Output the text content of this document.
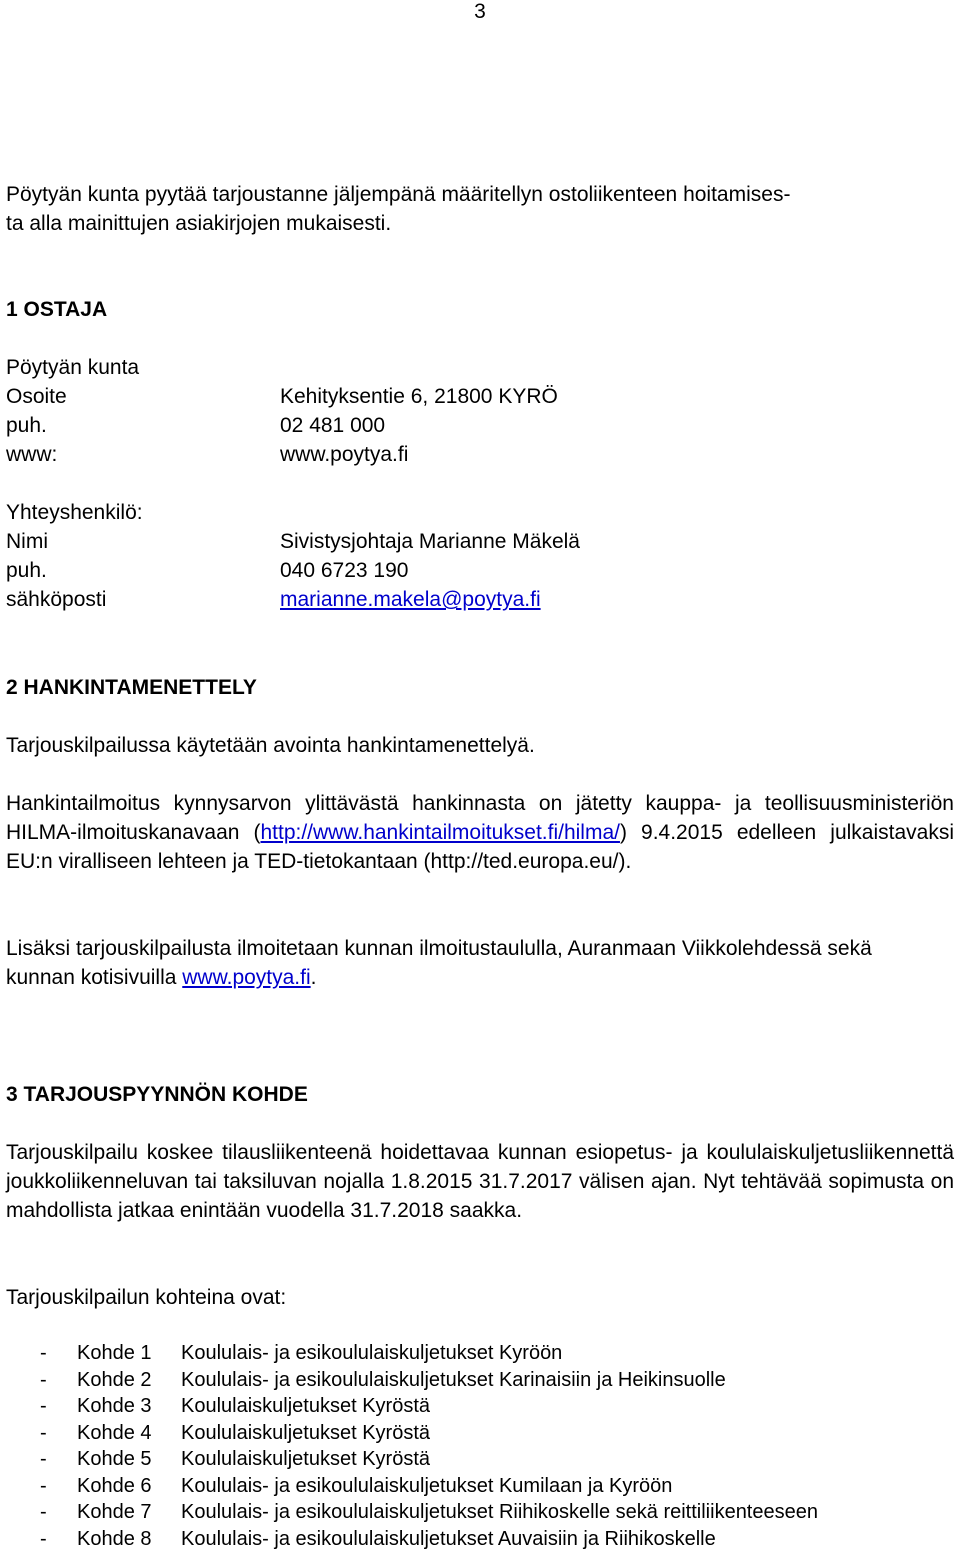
3
Pöytyän kunta pyytää tarjoustanne jäljempänä määritellyn ostoliikenteen hoitamises-
ta alla mainittujen asiakirjojen mukaisesti.
1 OSTAJA
Pöytyän kunta
Osoite	Kehityksentie 6, 21800 KYRÖ
puh.	02 481 000
www:	www.poytya.fi
Yhteyshenkilö:
Nimi	Sivistysjohtaja Marianne Mäkelä
puh.	040 6723 190
sähköposti	marianne.makela@poytya.fi
2 HANKINTAMENETTELY
Tarjouskilpailussa käytetään avointa hankintamenettelyä.
Hankintailmoitus kynnysarvon ylittävästä hankinnasta on jätetty kauppa- ja teollisuusministeriön HILMA-ilmoituskanavaan (http://www.hankintailmoitukset.fi/hilma/) 9.4.2015 edelleen julkaistavaksi EU:n viralliseen lehteen ja TED-tietokantaan (http://ted.europa.eu/).
Lisäksi tarjouskilpailusta ilmoitetaan kunnan ilmoitustaululla, Auranmaan Viikkolehdessä sekä kunnan kotisivuilla www.poytya.fi.
3 TARJOUSPYYNNÖN KOHDE
Tarjouskilpailu koskee tilausliikenteenä hoidettavaa kunnan esiopetus- ja koululaiskuljetusliikennettä joukkoliikenneluvan tai taksiluvan nojalla 1.8.2015 31.7.2017 välisen ajan. Nyt tehtävää sopimusta on mahdollista jatkaa enintään vuodella 31.7.2018 saakka.
Tarjouskilpailun kohteina ovat:
-	Kohde 1	Koululais- ja esikoululaiskuljetukset Kyröön
-	Kohde 2	Koululais- ja esikoululaiskuljetukset Karinaisiin ja Heikinsuolle
-	Kohde 3	Koululaiskuljetukset Kyröstä
-	Kohde 4	Koululaiskuljetukset Kyröstä
-	Kohde 5	Koululaiskuljetukset Kyröstä
-	Kohde 6	Koululais- ja esikoululaiskuljetukset Kumilaan ja Kyröön
-	Kohde 7	Koululais- ja esikoululaiskuljetukset Riihikoskelle sekä reittiliikenteeseen
-	Kohde 8	Koululais- ja esikoululaiskuljetukset Auvaisiin ja Riihikoskelle
